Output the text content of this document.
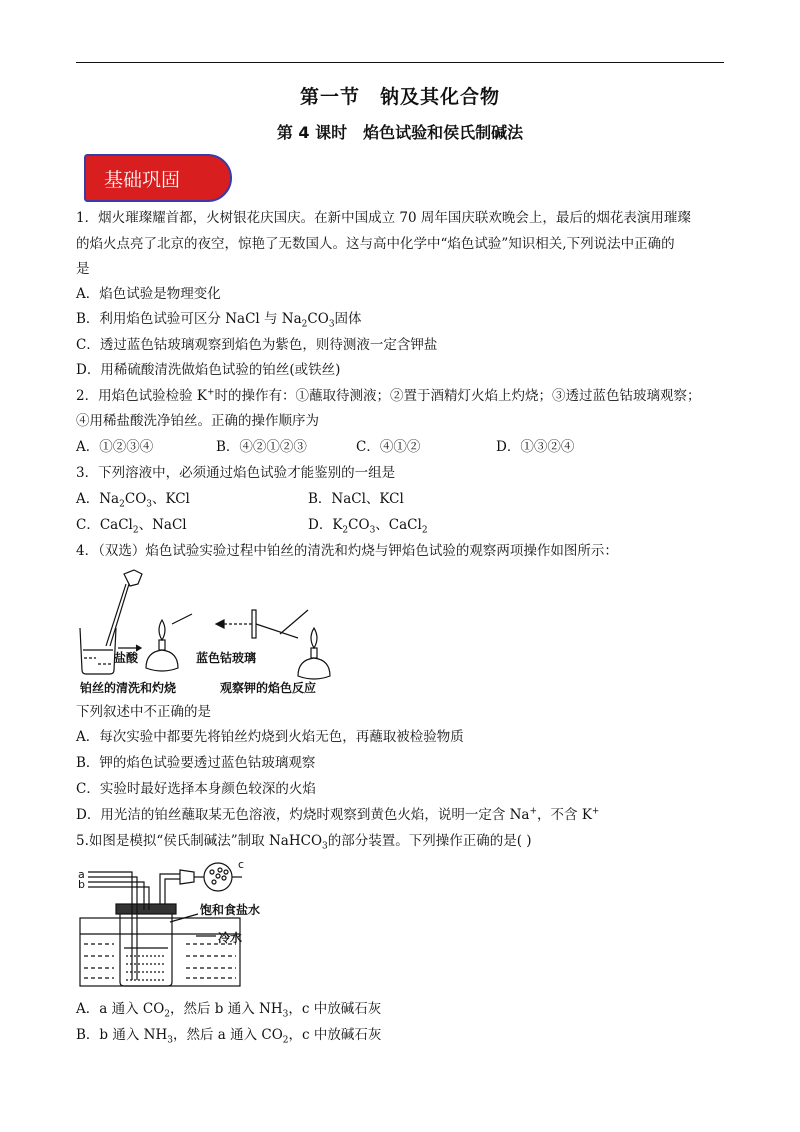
第一节　钠及其化合物
第 4 课时　焰色试验和侯氏制碱法
基础巩固
1．烟火璀璨耀首都，火树银花庆国庆。在新中国成立 70 周年国庆联欢晚会上，最后的烟花表演用璀璨
的焰火点亮了北京的夜空，惊艳了无数国人。这与高中化学中“焰色试验”知识相关,下列说法中正确的
是
A．焰色试验是物理变化
B．利用焰色试验可区分 NaCl 与 $Na_2CO_3$固体
C．透过蓝色钴玻璃观察到焰色为紫色，则待测液一定含钾盐
D．用稀硫酸清洗做焰色试验的铂丝(或铁丝)
2．用焰色试验检验 K+时的操作有：①蘸取待测液；②置于酒精灯火焰上灼烧；③透过蓝色钴玻璃观察；
④用稀盐酸洗净铂丝。正确的操作顺序为
A．①②③④	B．④②①②③	C．④①②	D．①③②④
3．下列溶液中，必须通过焰色试验才能鉴别的一组是
A．$Na_2CO_3$、KCl	B．NaCl、KCl
C．CaCl$_2$、NaCl	D．$K_2CO_3$、CaCl$_2$
4．（双选）焰色试验实验过程中铂丝的清洗和灼烧与钾焰色试验的观察两项操作如图所示：
盐酸	蓝色钴玻璃
铂丝的清洗和灼烧	观察钾的焰色反应
下列叙述中不正确的是
A．每次实验中都要先将铂丝灼烧到火焰无色，再蘸取被检验物质
B．钾的焰色试验要透过蓝色钴玻璃观察
C．实验时最好选择本身颜色较深的火焰
D．用光洁的铂丝蘸取某无色溶液，灼烧时观察到黄色火焰，说明一定含 Na+，不含 K+
5.如图是模拟“侯氏制碱法”制取 NaHCO$_3$的部分装置。下列操作正确的是( )
a
b
c
饱和食盐水
冷水
A．a 通入 $CO_2$，然后 b 通入 $NH_3$，c 中放碱石灰
B．b 通入 $NH_3$，然后 a 通入 $CO_2$，c 中放碱石灰
